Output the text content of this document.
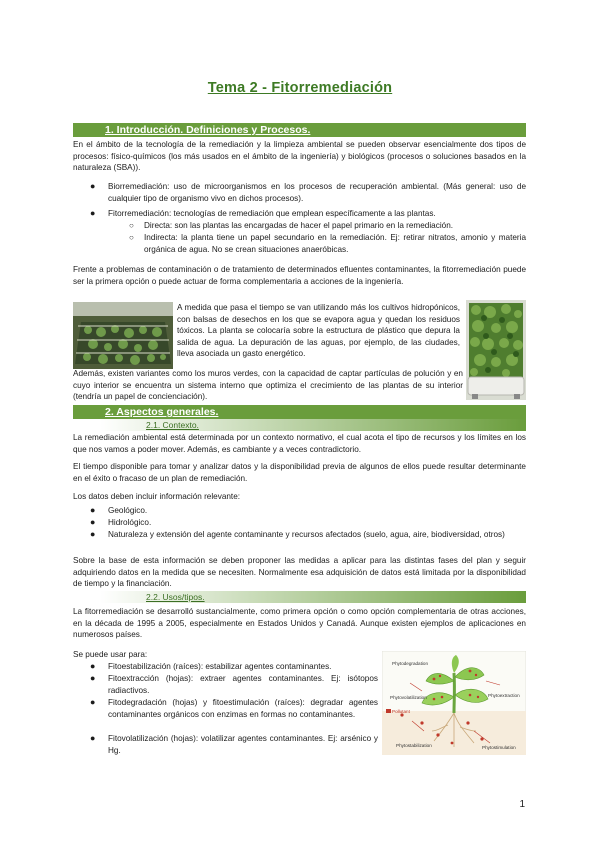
Tema 2 - Fitorremediación
1. Introducción. Definiciones y Procesos.
En el ámbito de la tecnología de la remediación y la limpieza ambiental se pueden observar esencialmente dos tipos de procesos: físico-químicos (los más usados en el ámbito de la ingeniería) y biológicos (procesos o soluciones basados en la naturaleza (SBA)).
● Biorremediación: uso de microorganismos en los procesos de recuperación ambiental. (Más general: uso de cualquier tipo de organismo vivo en dichos procesos).
● Fitorremediación: tecnologías de remediación que emplean específicamente a las plantas.
○ Directa: son las plantas las encargadas de hacer el papel primario en la remediación.
○ Indirecta: la planta tiene un papel secundario en la remediación. Ej: retirar nitratos, amonio y materia orgánica de agua. No se crean situaciones anaeróbicas.
Frente a problemas de contaminación o de tratamiento de determinados efluentes contaminantes, la fitorremediación puede ser la primera opción o puede actuar de forma complementaria a acciones de la ingeniería.
A medida que pasa el tiempo se van utilizando más los cultivos hidropónicos, con balsas de desechos en los que se evapora agua y quedan los residuos tóxicos. La planta se colocaría sobre la estructura de plástico que depura la salida de agua. La depuración de las aguas, por ejemplo, de las ciudades, lleva asociada un gasto energético.
Además, existen variantes como los muros verdes, con la capacidad de captar partículas de polución y en cuyo interior se encuentra un sistema interno que optimiza el crecimiento de las plantas de su interior (tendría un papel de concienciación).
2. Aspectos generales.
2.1. Contexto.
La remediación ambiental está determinada por un contexto normativo, el cual acota el tipo de recursos y los límites en los que nos vamos a poder mover. Además, es cambiante y a veces contradictorio.
El tiempo disponible para tomar y analizar datos y la disponibilidad previa de algunos de ellos puede resultar determinante en el éxito o fracaso de un plan de remediación.
Los datos deben incluir información relevante:
● Geológico.
● Hidrológico.
● Naturaleza y extensión del agente contaminante y recursos afectados (suelo, agua, aire, biodiversidad, otros)
Sobre la base de esta información se deben proponer las medidas a aplicar para las distintas fases del plan y seguir adquiriendo datos en la medida que se necesiten. Normalmente esa adquisición de datos está limitada por la disponibilidad de tiempo y la financiación.
2.2. Usos/tipos.
La fitorremediación se desarrolló sustancialmente, como primera opción o como opción complementaria de otras acciones, en la década de 1995 a 2005, especialmente en Estados Unidos y Canadá. Aunque existen ejemplos de aplicaciones en numerosos países.
Se puede usar para:
● Fitoestabilización (raíces): estabilizar agentes contaminantes.
● Fitoextracción (hojas): extraer agentes contaminantes. Ej: isótopos radiactivos.
● Fitodegradación (hojas) y fitoestimulación (raíces): degradar agentes contaminantes orgánicos con enzimas en formas no contaminantes.
● Fitovolatilización (hojas): volatilizar agentes contaminantes. Ej: arsénico y Hg.
Phytodegradation
Phytovolatilization	Phytoextraction
Pollutant
Phytostabilization	Phytostimulation
1
